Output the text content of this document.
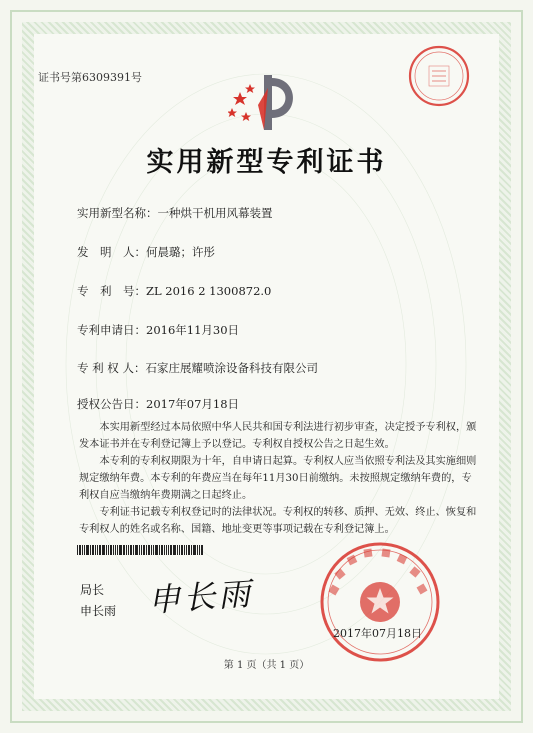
证书号第6309391号
实用新型专利证书
实用新型名称：一种烘干机用风幕装置
发　明　人：何晨璐；许彤
专　利　号：ZL 2016 2 1300872.0
专利申请日：2016年11月30日
专 利 权 人：石家庄展耀喷涂设备科技有限公司
授权公告日：2017年07月18日

本实用新型经过本局依照中华人民共和国专利法进行初步审查，决定授予专利权，颁发本证书并在专利登记簿上予以登记。专利权自授权公告之日起生效。

本专利的专利权期限为十年，自申请日起算。专利权人应当依照专利法及其实施细则规定缴纳年费。本专利的年费应当在每年11月30日前缴纳。未按照规定缴纳年费的，专利权自应当缴纳年费期满之日起终止。

专利证书记载专利权登记时的法律状况。专利权的转移、质押、无效、终止、恢复和专利权人的姓名或名称、国籍、地址变更等事项记载在专利登记簿上。

局长
申长雨 申长雨
2017年07月18日
第 1 页（共 1 页）
